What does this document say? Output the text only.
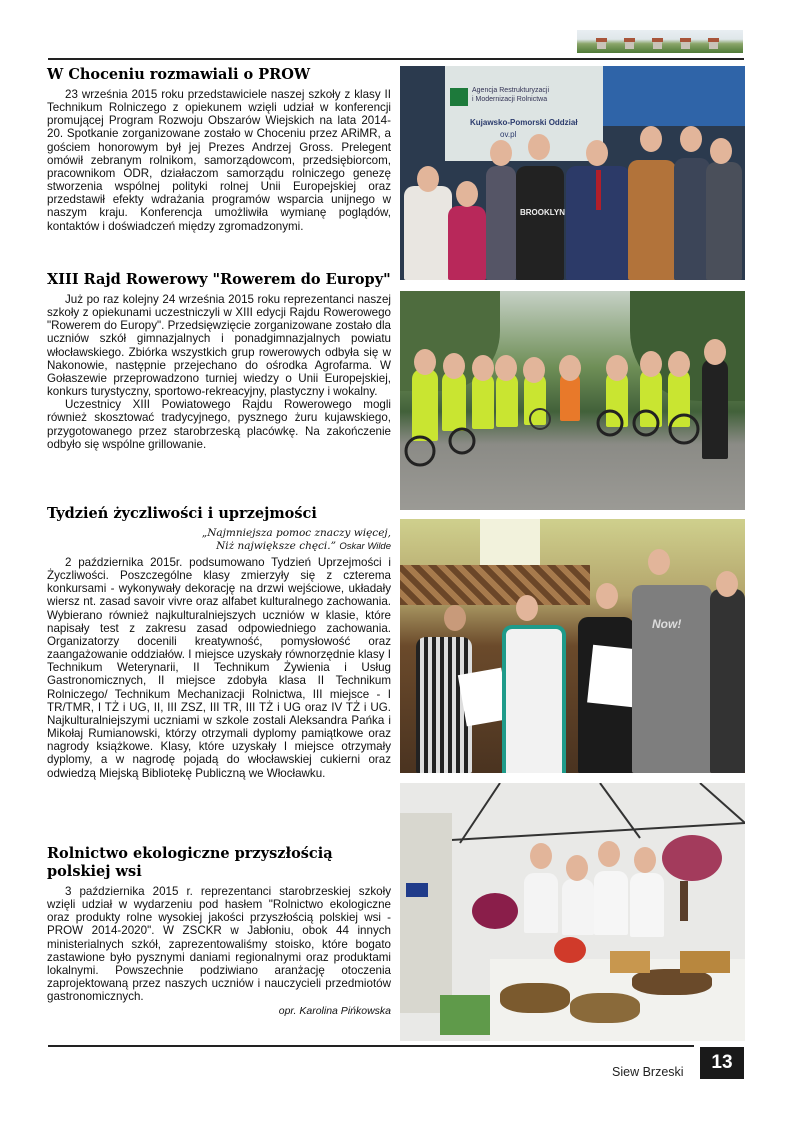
W Choceniu rozmawiali o PROW

23 września 2015 roku przedstawiciele naszej szkoły z klasy II Technikum Rolniczego z opiekunem wzięli udział w konferencji promującej Program Rozwoju Obszarów Wiejskich na lata 2014-20. Spotkanie zorganizowane zostało w Choceniu przez ARiMR, a gościem honorowym był jej Prezes Andrzej Gross. Prelegent omówił zebranym rolnikom, samorządowcom, przedsiębiorcom, pracownikom ODR, działaczom samorządu rolniczego genezę stworzenia wspólnej polityki rolnej Unii Europejskiej oraz przedstawił efekty wdrażania programów wsparcia unijnego w naszym kraju. Konferencja umożliwiła wymianę poglądów, kontaktów i doświadczeń między zgromadzonymi.

XIII Rajd Rowerowy "Rowerem do Europy"

Już po raz kolejny 24 września 2015 roku reprezentanci naszej szkoły z opiekunami uczestniczyli w XIII edycji Rajdu Rowerowego "Rowerem do Europy". Przedsięwzięcie zorganizowane zostało dla uczniów szkół gimnazjalnych i ponadgimnazjalnych powiatu włocławskiego. Zbiórka wszystkich grup rowerowych odbyła się w Nakonowie, następnie przejechano do ośrodka Agrofarma. W Gołaszewie przeprowadzono turniej wiedzy o Unii Europejskiej, konkurs turystyczny, sportowo-rekreacyjny, plastyczny i wokalny.

Uczestnicy XIII Powiatowego Rajdu Rowerowego mogli również skosztować tradycyjnego, pysznego żuru kujawskiego, przygotowanego przez starobrzeską placówkę. Na zakończenie odbyło się wspólne grillowanie.

Tydzień życzliwości i uprzejmości
„Najmniejsza pomoc znaczy więcej,
Niż największe chęci.” Oskar Wilde

2 października 2015r. podsumowano Tydzień Uprzejmości i Życzliwości. Poszczególne klasy zmierzyły się z czterema konkursami - wykonywały dekorację na drzwi wejściowe, układały wiersz nt. zasad savoir vivre oraz alfabet kulturalnego zachowania. Wybierano również najkulturalniejszych uczniów w klasie, które napisały test z zakresu zasad odpowiedniego zachowania. Organizatorzy docenili kreatywność, pomysłowość oraz zaangażowanie oddziałów. I miejsce uzyskały równorzędnie klasy I Technikum Weterynarii, II Technikum Żywienia i Usług Gastronomicznych, II miejsce zdobyła klasa II Technikum Rolniczego/ Technikum Mechanizacji Rolnictwa, III miejsce - I TR/TMR, I TŻ i UG, II, III ZSZ, III TR, III TŻ i UG oraz IV TŻ i UG. Najkulturalniejszymi uczniami w szkole zostali Aleksandra Pańka i Mikołaj Rumianowski, którzy otrzymali dyplomy pamiątkowe oraz nagrody książkowe. Klasy, które uzyskały I miejsce otrzymały dyplomy, a w nagrodę pojadą do włocławskiej cukierni oraz odwiedzą Miejską Bibliotekę Publiczną we Włocławku.

Rolnictwo ekologiczne przyszłością
polskiej wsi

3 października 2015 r. reprezentanci starobrzeskiej szkoły wzięli udział w wydarzeniu pod hasłem "Rolnictwo ekologiczne oraz produkty rolne wysokiej jakości przyszłością polskiej wsi - PROW 2014-2020". W ZSCKR w Jabłoniu, obok 44 innych ministerialnych szkół, zaprezentowaliśmy stoisko, które bogato zastawione było pysznymi daniami regionalnymi oraz produktami lokalnymi. Powszechnie podziwiano aranżację otoczenia zaprojektowaną przez naszych uczniów i nauczycieli przedmiotów gastronomicznych.

opr. Karolina Pińkowska
Agencja Restrukturyzacji
i Modernizacji Rolnictwa
Kujawsko-Pomorski Oddział
ov.pl
BROOKLYN
Now!
Siew Brzeski	13
